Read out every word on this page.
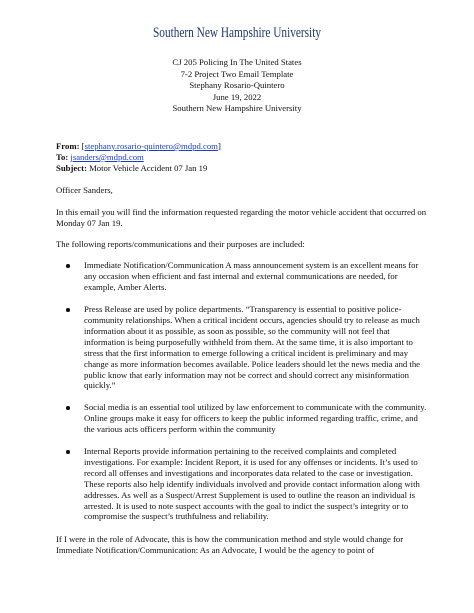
Southern New Hampshire University
CJ 205 Policing In The United States
7-2 Project Two Email Template
Stephany Rosario-Quintero
June 19, 2022
Southern New Hampshire University
From: [stephany.rosario-quintero@mdpd.com]
To: jsanders@mdpd.com
Subject: Motor Vehicle Accident 07 Jan 19

Officer Sanders,

In this email you will find the information requested regarding the motor vehicle accident that occurred on Monday 07 Jan 19.

The following reports/communications and their purposes are included:

Immediate Notification/Communication A mass announcement system is an excellent means for any occasion when efficient and fast internal and external communications are needed, for example, Amber Alerts.
Press Release are used by police departments. “Transparency is essential to positive police-community relationships. When a critical incident occurs, agencies should try to release as much information about it as possible, as soon as possible, so the community will not feel that information is being purposefully withheld from them. At the same time, it is also important to stress that the first information to emerge following a critical incident is preliminary and may change as more information becomes available. Police leaders should let the news media and the public know that early information may not be correct and should correct any misinformation quickly.”
Social media is an essential tool utilized by law enforcement to communicate with the community. Online groups make it easy for officers to keep the public informed regarding traffic, crime, and the various acts officers perform within the community
Internal Reports provide information pertaining to the received complaints and completed investigations. For example: Incident Report, it is used for any offenses or incidents. It’s used to record all offenses and investigations and incorporates data related to the case or investigation. These reports also help identify individuals involved and provide contact information along with addresses. As well as a Suspect/Arrest Supplement is used to outline the reason an individual is arrested. It is used to note suspect accounts with the goal to indict the suspect’s integrity or to compromise the suspect’s truthfulness and reliability.

If I were in the role of Advocate, this is how the communication method and style would change for Immediate Notification/Communication: As an Advocate, I would be the agency to point of
